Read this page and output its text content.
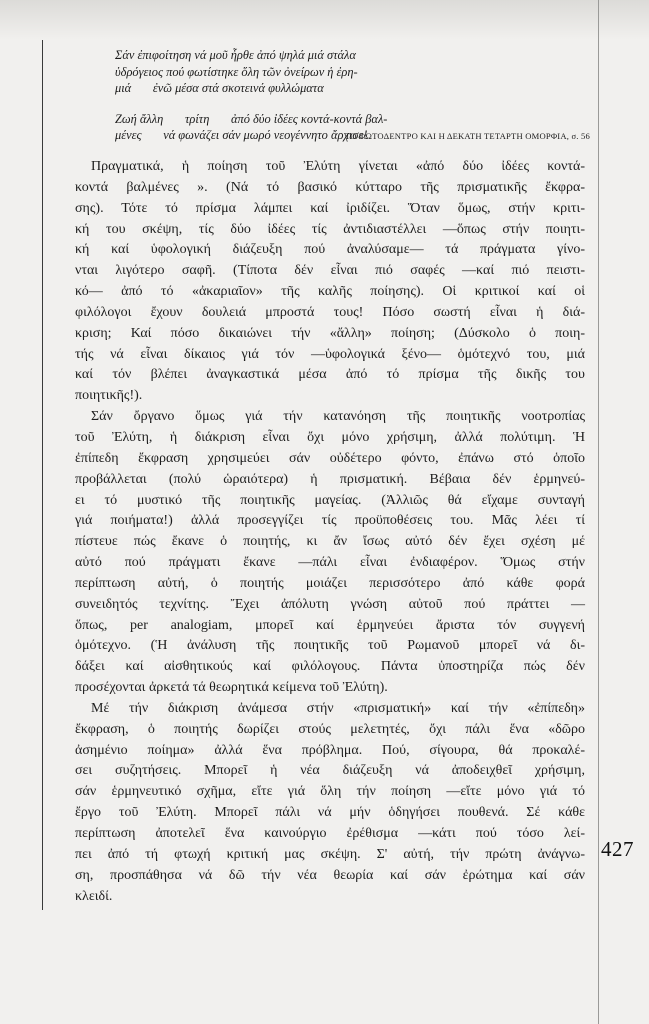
Σάν ἐπιφοίτηση νά μοῦ ἦρθε ἀπό ψηλά μιά στάλα
ὑδρόγειος πού φωτίστηκε ὅλη τῶν ὀνείρων ἡ ἐρη-
μιά       ἐνῶ μέσα στά σκοτεινά φυλλώματα
Ζωή ἄλλη       τρίτη       ἀπό δύο ἰδέες κοντά-κοντά βαλ-
μένες       νά φωνάζει σάν μωρό νεογέννητο ἄρχισε!
ΤΟ ΦΩΤΟΔΕΝΤΡΟ ΚΑΙ Η ΔΕΚΑΤΗ ΤΕΤΑΡΤΗ ΟΜΟΡΦΙΑ, σ. 56
Πραγματικά, ἡ ποίηση τοῦ Ἐλύτη γίνεται «ἀπό δύο ἰδέες κοντά-
κοντά βαλμένες ». (Νά τό βασικό κύτταρο τῆς πρισματικῆς ἔκφρα-
σης). Τότε τό πρίσμα λάμπει καί ἰριδίζει. Ὅταν ὅμως, στήν κριτι-
κή του σκέψη, τίς δύο ἰδέες τίς ἀντιδιαστέλλει —ὅπως στήν ποιητι-
κή καί ὑφολογική διάζευξη πού ἀναλύσαμε— τά πράγματα γίνο-
νται λιγότερο σαφῆ. (Τίποτα δέν εἶναι πιό σαφές —καί πιό πειστι-
κό— ἀπό τό «ἀκαριαῖον» τῆς καλῆς ποίησης). Οἱ κριτικοί καί οἱ
φιλόλογοι ἔχουν δουλειά μπροστά τους! Πόσο σωστή εἶναι ἡ διά-
κριση; Καί πόσο δικαιώνει τήν «ἄλλη» ποίηση; (Δύσκολο ὁ ποιη-
τής νά εἶναι δίκαιος γιά τόν —ὑφολογικά ξένο— ὁμότεχνό του, μιά
καί τόν βλέπει ἀναγκαστικά μέσα ἀπό τό πρίσμα τῆς δικῆς του
ποιητικῆς!).
Σάν ὄργανο ὅμως γιά τήν κατανόηση τῆς ποιητικῆς νοοτροπίας
τοῦ Ἐλύτη, ἡ διάκριση εἶναι ὄχι μόνο χρήσιμη, ἀλλά πολύτιμη. Ἡ
ἐπίπεδη ἔκφραση χρησιμεύει σάν οὐδέτερο φόντο, ἐπάνω στό ὁποῖο
προβάλλεται (πολύ ὡραιότερα) ἡ πρισματική. Βέβαια δέν ἑρμηνεύ-
ει τό μυστικό τῆς ποιητικῆς μαγείας. (Ἀλλιῶς θά εἴχαμε συνταγή
γιά ποιήματα!) ἀλλά προσεγγίζει τίς προϋποθέσεις του. Μᾶς λέει τί
πίστευε πώς ἔκανε ὁ ποιητής, κι ἄν ἴσως αὐτό δέν ἔχει σχέση μέ
αὐτό πού πράγματι ἔκανε —πάλι εἶναι ἐνδιαφέρον. Ὅμως στήν
περίπτωση αὐτή, ὁ ποιητής μοιάζει περισσότερο ἀπό κάθε φορά
συνειδητός τεχνίτης. Ἔχει ἀπόλυτη γνώση αὐτοῦ πού πράττει —
ὅπως, per analogiam, μπορεῖ καί ἑρμηνεύει ἄριστα τόν συγγενή
ὁμότεχνο. (Ἡ ἀνάλυση τῆς ποιητικῆς τοῦ Ρωμανοῦ μπορεῖ νά δι-
δάξει καί αἰσθητικούς καί φιλόλογους. Πάντα ὑποστηρίζα πώς δέν
προσέχονται ἀρκετά τά θεωρητικά κείμενα τοῦ Ἐλύτη).
Μέ τήν διάκριση ἀνάμεσα στήν «πρισματική» καί τήν «ἐπίπεδη»
ἔκφραση, ὁ ποιητής δωρίζει στούς μελετητές, ὄχι πάλι ἕνα «δῶρο
ἀσημένιο ποίημα» ἀλλά ἕνα πρόβλημα. Πού, σίγουρα, θά προκαλέ-
σει συζητήσεις. Μπορεῖ ἡ νέα διάζευξη νά ἀποδειχθεῖ χρήσιμη,
σάν ἑρμηνευτικό σχῆμα, εἴτε γιά ὅλη τήν ποίηση —εἴτε μόνο γιά τό
ἔργο τοῦ Ἐλύτη. Μπορεῖ πάλι νά μήν ὁδηγήσει πουθενά. Σέ κάθε
περίπτωση ἀποτελεῖ ἕνα καινούργιο ἐρέθισμα —κάτι πού τόσο λεί-
πει ἀπό τή φτωχή κριτική μας σκέψη. Σ' αὐτή, τήν πρώτη ἀνάγνω-
ση, προσπάθησα νά δῶ τήν νέα θεωρία καί σάν ἐρώτημα καί σάν
κλειδί.
427
